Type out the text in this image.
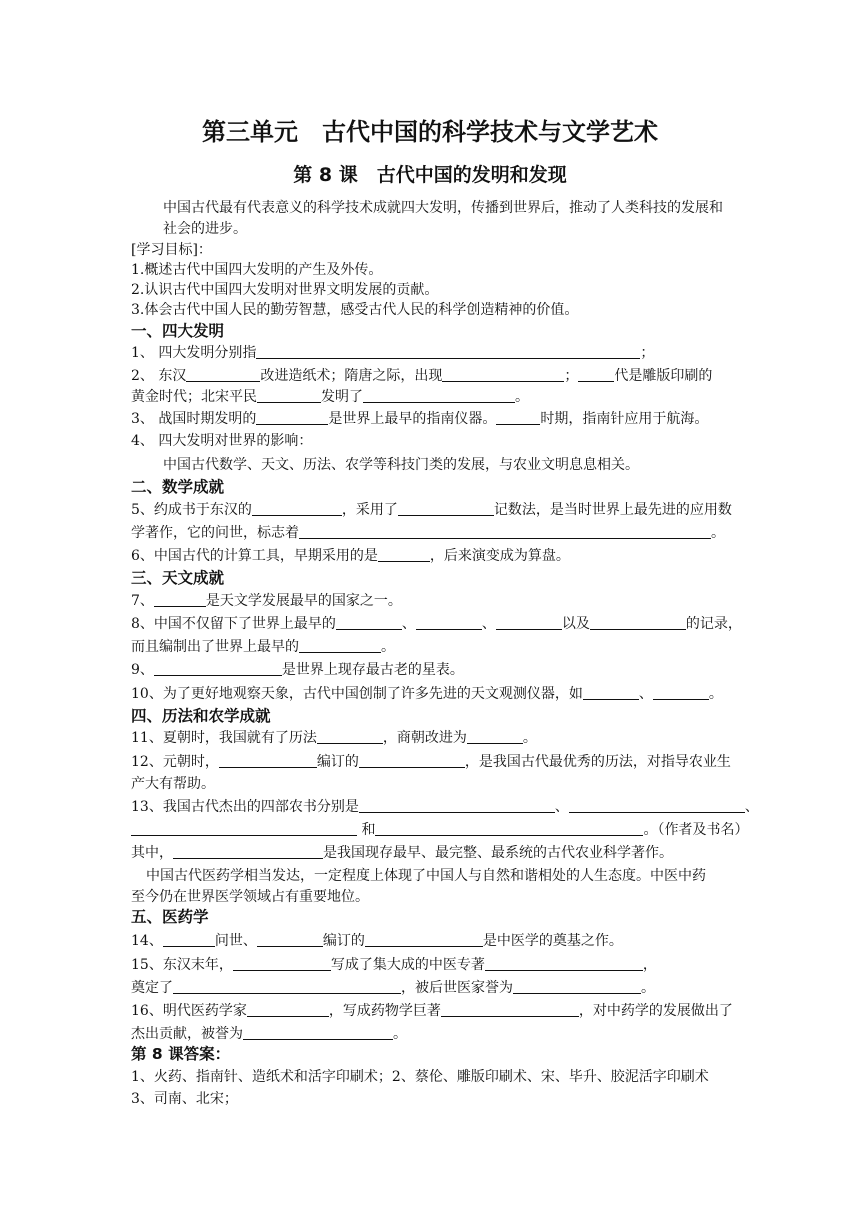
第三单元　古代中国的科学技术与文学艺术
第 8 课　古代中国的发明和发现
中国古代最有代表意义的科学技术成就四大发明，传播到世界后，推动了人类科技的发展和
社会的进步。
[学习目标]：
1.概述古代中国四大发明的产生及外传。
2.认识古代中国四大发明对世界文明发展的贡献。
3.体会古代中国人民的勤劳智慧，感受古代人民的科学创造精神的价值。
一、四大发明
1、 四大发明分别指	；
2、 东汉	改进造纸术；隋唐之际，出现	；	代是雕版印刷的
黄金时代；北宋平民	发明了	。
3、 战国时期发明的	是世界上最早的指南仪器。	时期，指南针应用于航海。
4、 四大发明对世界的影响：
中国古代数学、天文、历法、农学等科技门类的发展，与农业文明息息相关。
二、数学成就
5、约成书于东汉的	，采用了	记数法，是当时世界上最先进的应用数
学著作，它的问世，标志着	。
6、中国古代的计算工具，早期采用的是	，后来演变成为算盘。
三、天文成就
7、	是天文学发展最早的国家之一。
8、中国不仅留下了世界上最早的	、	、	以及	的记录，
而且编制出了世界上最早的	。
9、	是世界上现存最古老的星表。
10、为了更好地观察天象，古代中国创制了许多先进的天文观测仪器，如	、	。
四、历法和农学成就
11、夏朝时，我国就有了历法	，商朝改进为	。
12、元朝时，	编订的	，是我国古代最优秀的历法，对指导农业生
产大有帮助。
13、我国古代杰出的四部农书分别是	、	、
和	。（作者及书名）
其中，	是我国现存最早、最完整、最系统的古代农业科学著作。
中国古代医药学相当发达，一定程度上体现了中国人与自然和谐相处的人生态度。中医中药
至今仍在世界医学领域占有重要地位。
五、医药学
14、	问世、	编订的	是中医学的奠基之作。
15、东汉末年，	写成了集大成的中医专著	，
奠定了	，被后世医家誉为	。
16、明代医药学家	，写成药物学巨著	，对中药学的发展做出了
杰出贡献，被誉为	。
第 8 课答案：
1、火药、指南针、造纸术和活字印刷术；2、蔡伦、雕版印刷术、宋、毕升、胶泥活字印刷术
3、司南、北宋；
